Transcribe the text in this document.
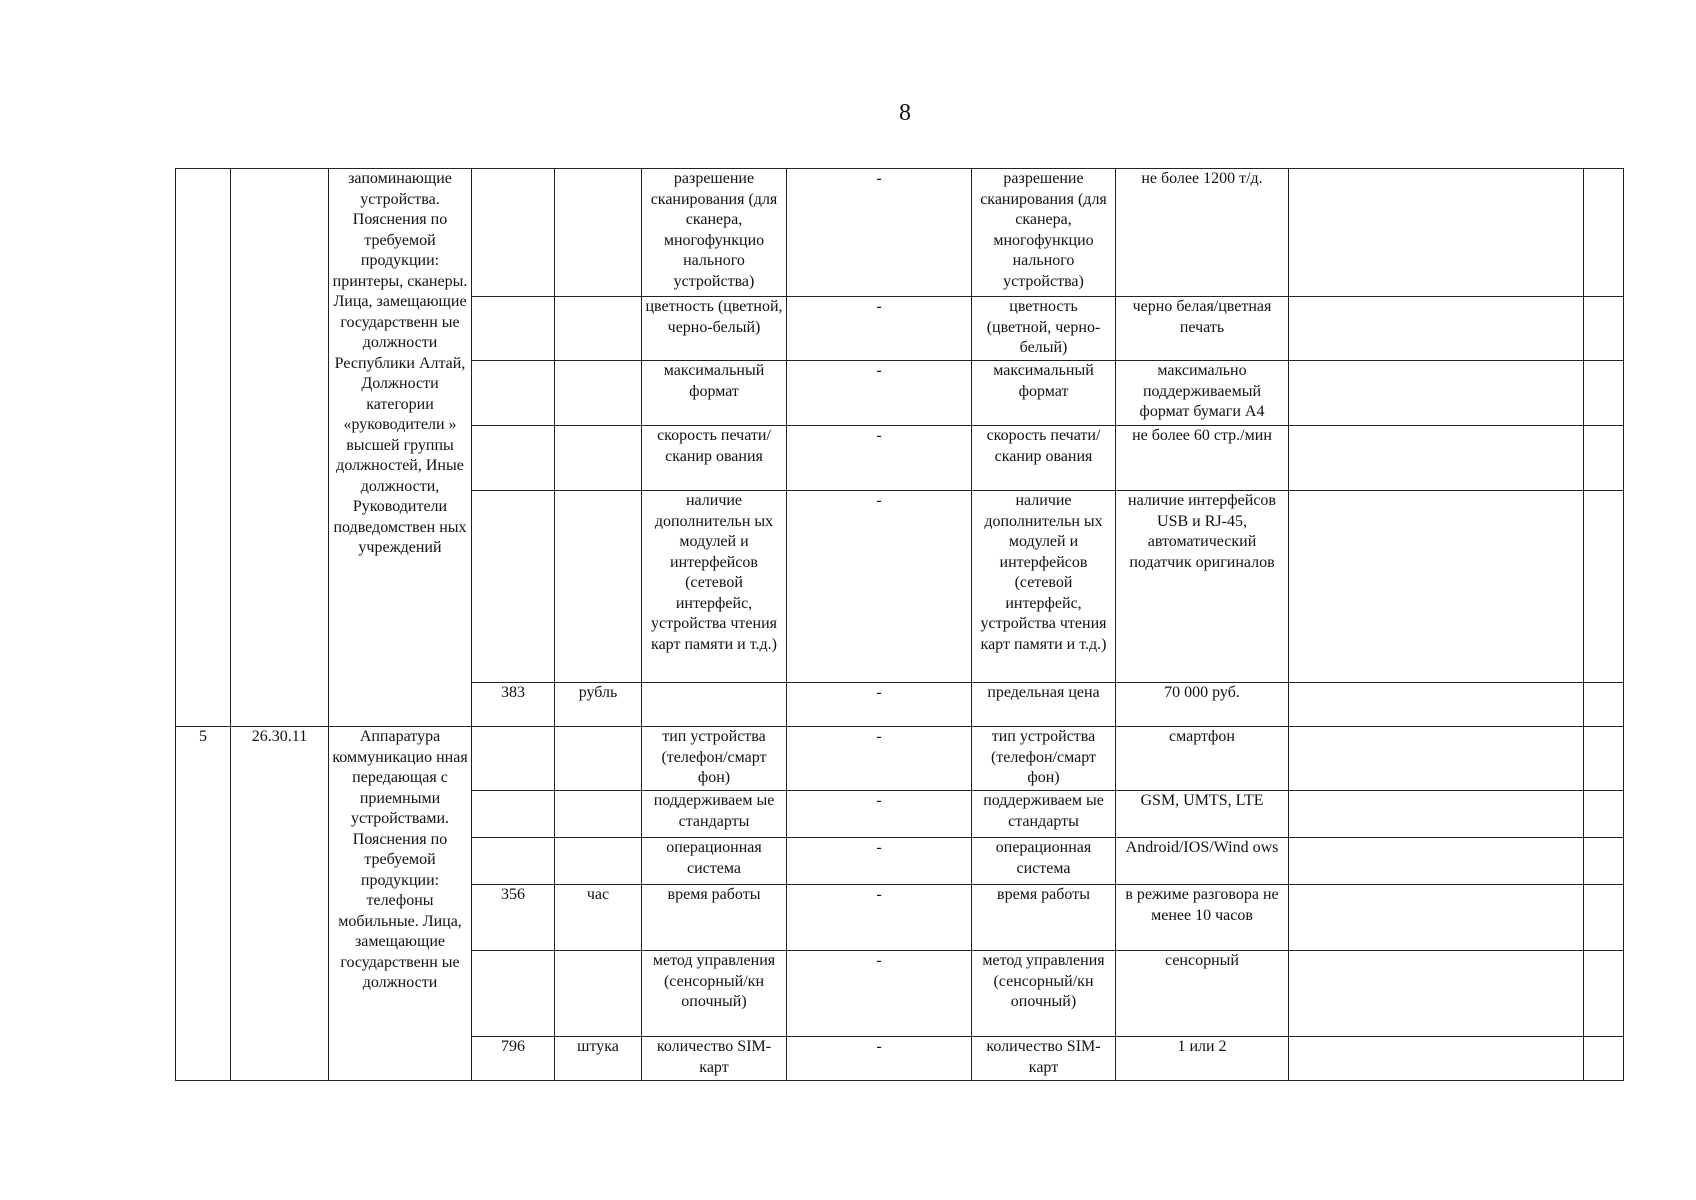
8
		запоминающие устройства. Пояснения по требуемой продукции: принтеры, сканеры. Лица, замещающие государственн ые должности Республики Алтай, Должности категории «руководители » высшей группы должностей, Иные должности, Руководители подведомствен ных учреждений			разрешение сканирования (для сканера, многофункцио нального устройства)	-	разрешение сканирования (для сканера, многофункцио нального устройства)	не более 1200 т/д.		
					цветность (цветной, черно-белый)	-	цветность (цветной, черно-белый)	черно белая/цветная печать		
					максимальный формат	-	максимальный формат	максимально поддерживаемый формат бумаги А4		
					скорость печати/сканир ования	-	скорость печати/сканир ования	не более 60 стр./мин		
					наличие дополнительн ых модулей и интерфейсов (сетевой интерфейс, устройства чтения карт памяти и т.д.)	-	наличие дополнительн ых модулей и интерфейсов (сетевой интерфейс, устройства чтения карт памяти и т.д.)	наличие интерфейсов USB и RJ-45, автоматический податчик оригиналов		
			383	рубль		-	предельная цена	70 000 руб.		
5	26.30.11	Аппаратура коммуникацио нная передающая с приемными устройствами. Пояснения по требуемой продукции: телефоны мобильные. Лица, замещающие государственн ые должности			тип устройства (телефон/смарт фон)	-	тип устройства (телефон/смарт фон)	смартфон		
					поддерживаем ые стандарты	-	поддерживаем ые стандарты	GSM, UMTS, LTE		
					операционная система	-	операционная система	Android/IOS/Wind ows		
			356	час	время работы	-	время работы	в режиме разговора не менее 10 часов		
					метод управления (сенсорный/кн опочный)	-	метод управления (сенсорный/кн опочный)	сенсорный		
			796	штука	количество SIM-карт	-	количество SIM-карт	1 или 2		
